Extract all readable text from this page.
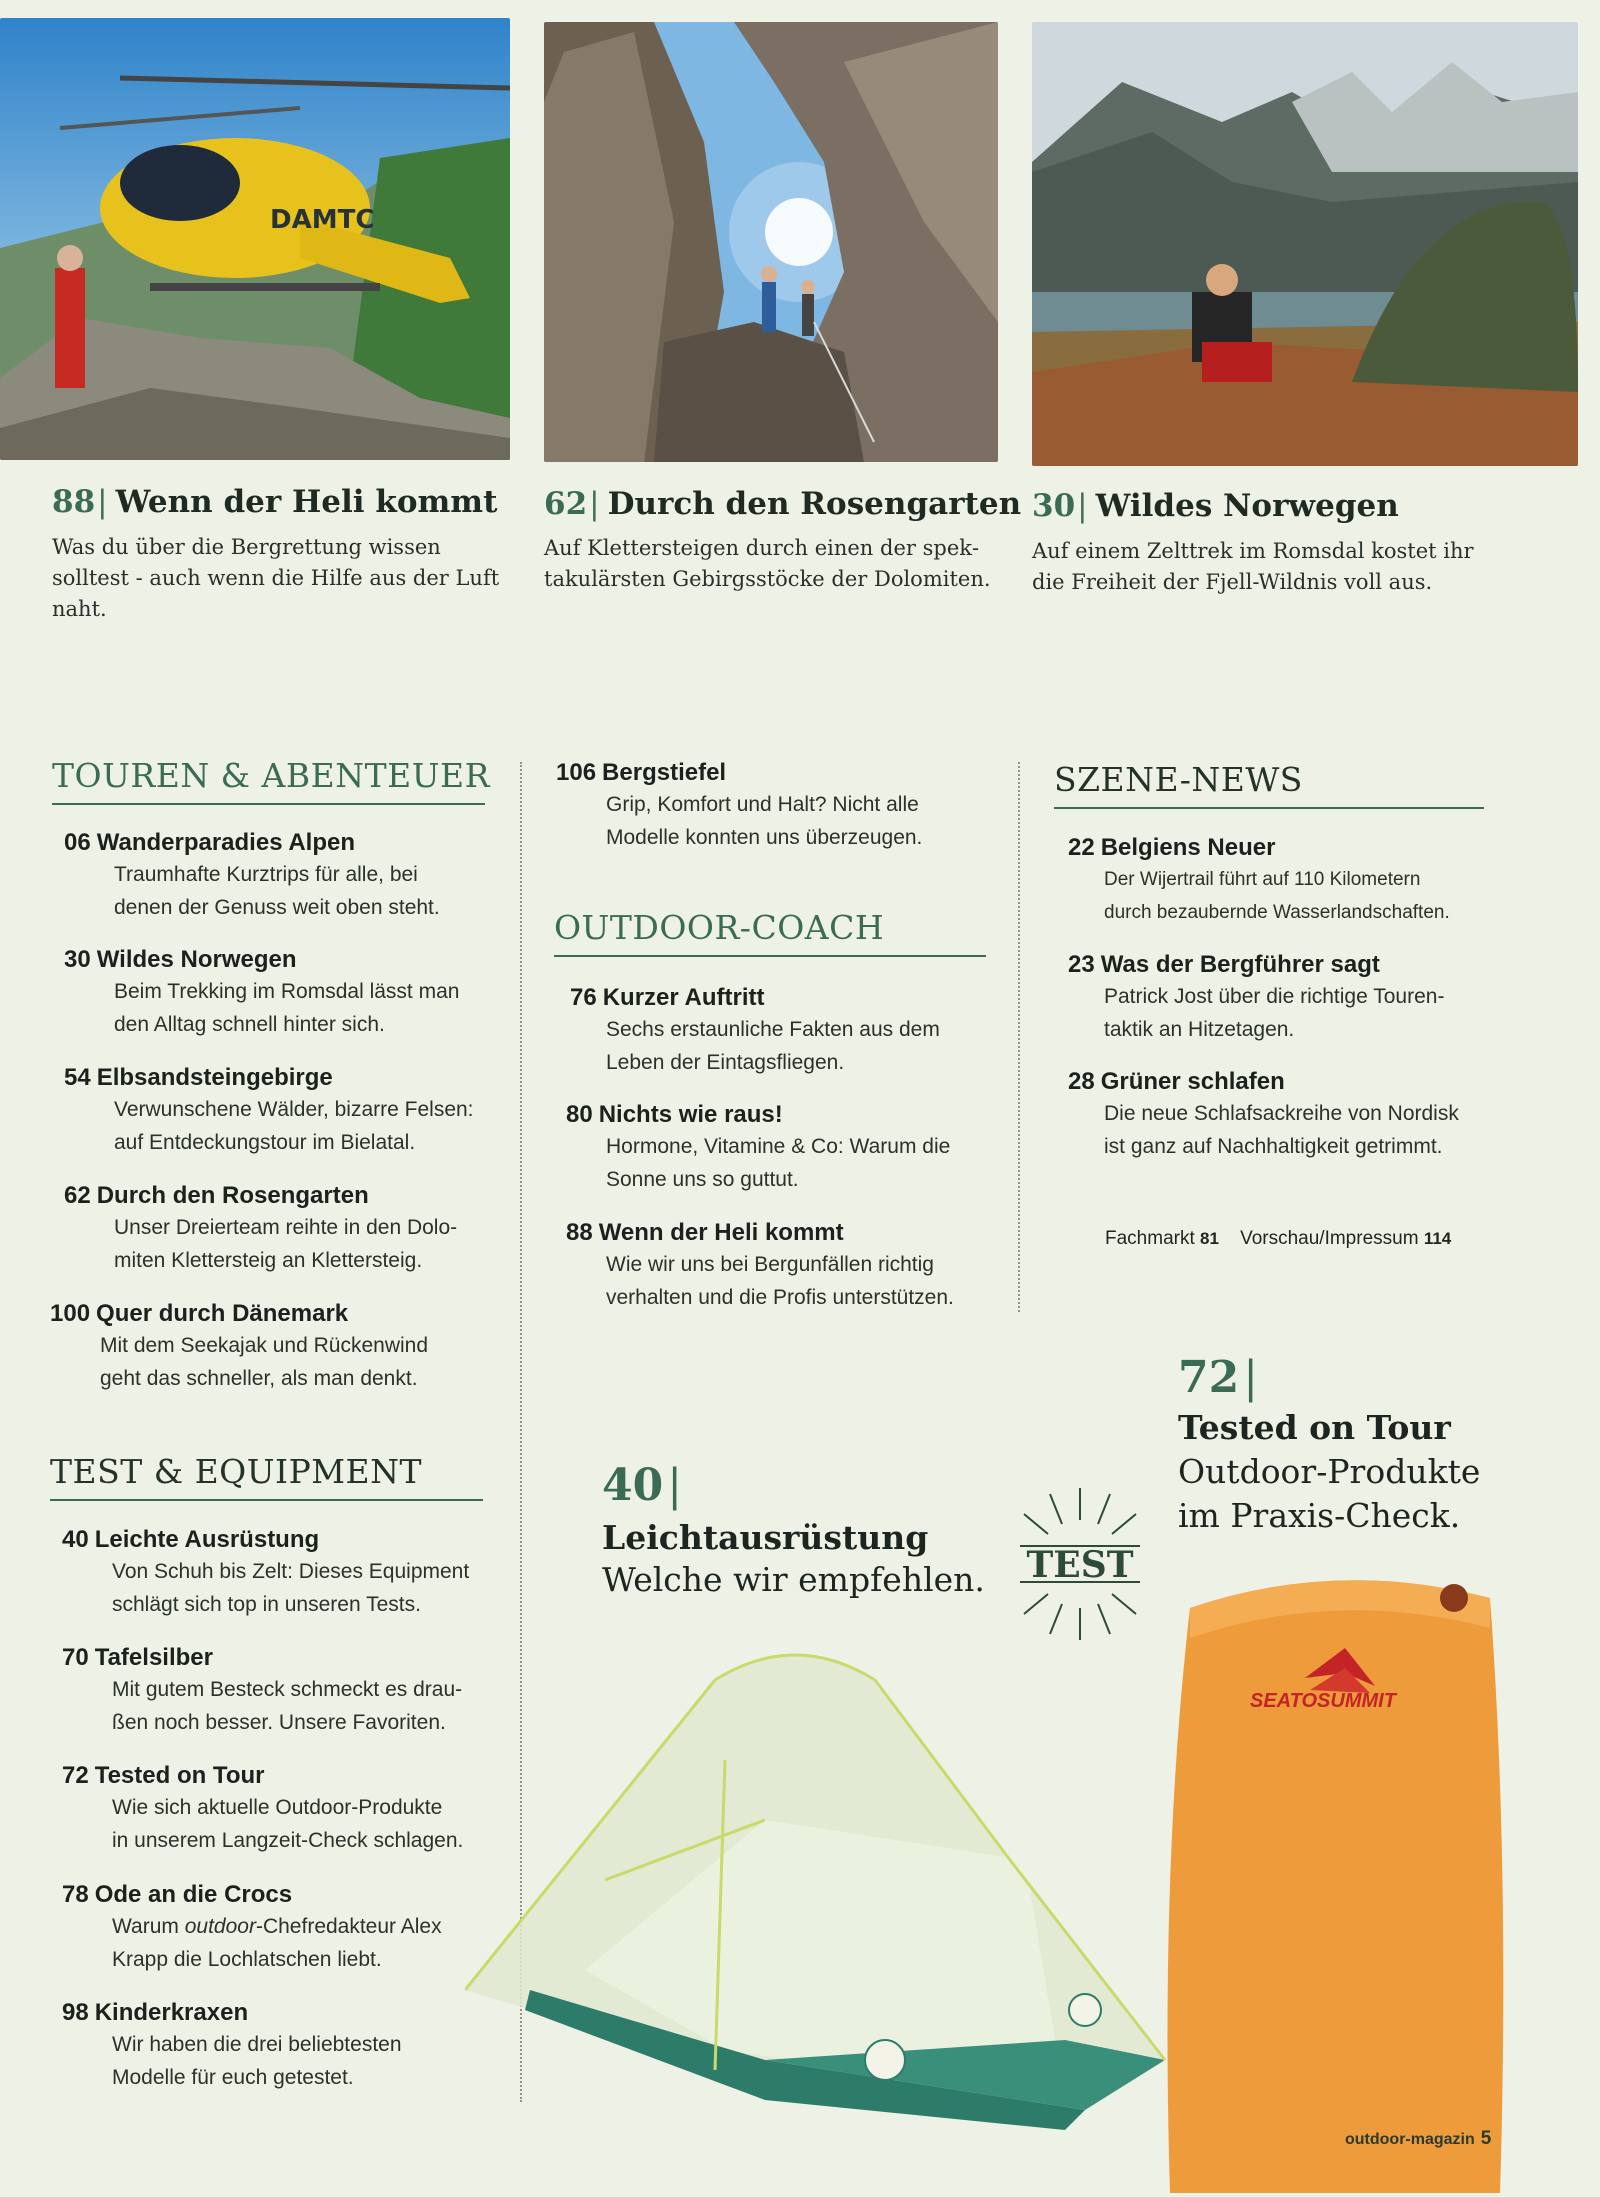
DAMTC
88| Wenn der Heli kommt
Was du über die Bergrettung wissen solltest - auch wenn die Hilfe aus der Luft naht.
62| Durch den Rosengarten
Auf Klettersteigen durch einen der spektakulärsten Gebirgsstöcke der Dolomiten.
30| Wildes Norwegen
Auf einem Zelttrek im Romsdal kostet ihr die Freiheit der Fjell-Wildnis voll aus.
TOUREN & ABENTEUER
06 Wanderparadies Alpen
Traumhafte Kurztrips für alle, bei
denen der Genuss weit oben steht.
30 Wildes Norwegen
Beim Trekking im Romsdal lässt man
den Alltag schnell hinter sich.
54 Elbsandsteingebirge
Verwunschene Wälder, bizarre Felsen:
auf Entdeckungstour im Bielatal.
62 Durch den Rosengarten
Unser Dreierteam reihte in den Dolo-
miten Klettersteig an Klettersteig.
100 Quer durch Dänemark
Mit dem Seekajak und Rückenwind
geht das schneller, als man denkt.
TEST & EQUIPMENT
40 Leichte Ausrüstung
Von Schuh bis Zelt: Dieses Equipment
schlägt sich top in unseren Tests.
70 Tafelsilber
Mit gutem Besteck schmeckt es drau-
ßen noch besser. Unsere Favoriten.
72 Tested on Tour
Wie sich aktuelle Outdoor-Produkte
in unserem Langzeit-Check schlagen.
78 Ode an die Crocs
Warum outdoor-Chefredakteur Alex
Krapp die Lochlatschen liebt.
98 Kinderkraxen
Wir haben die drei beliebtesten
Modelle für euch getestet.
106 Bergstiefel
Grip, Komfort und Halt? Nicht alle
Modelle konnten uns überzeugen.
OUTDOOR-COACH
76 Kurzer Auftritt
Sechs erstaunliche Fakten aus dem
Leben der Eintagsfliegen.
80 Nichts wie raus!
Hormone, Vitamine & Co: Warum die
Sonne uns so guttut.
88 Wenn der Heli kommt
Wie wir uns bei Bergunfällen richtig
verhalten und die Profis unterstützen.
SZENE-NEWS
22 Belgiens Neuer
Der Wijertrail führt auf 110 Kilometern
durch bezaubernde Wasserlandschaften.
23 Was der Bergführer sagt
Patrick Jost über die richtige Touren-
taktik an Hitzetagen.
28 Grüner schlafen
Die neue Schlafsackreihe von Nordisk
ist ganz auf Nachhaltigkeit getrimmt.
Fachmarkt 81 Vorschau/Impressum 114
40|
Leichtausrüstung
Welche wir empfehlen.	TEST
72|
Tested on Tour
Outdoor-Produkte
im Praxis-Check.
SEATOSUMMIT
outdoor-magazin 5
